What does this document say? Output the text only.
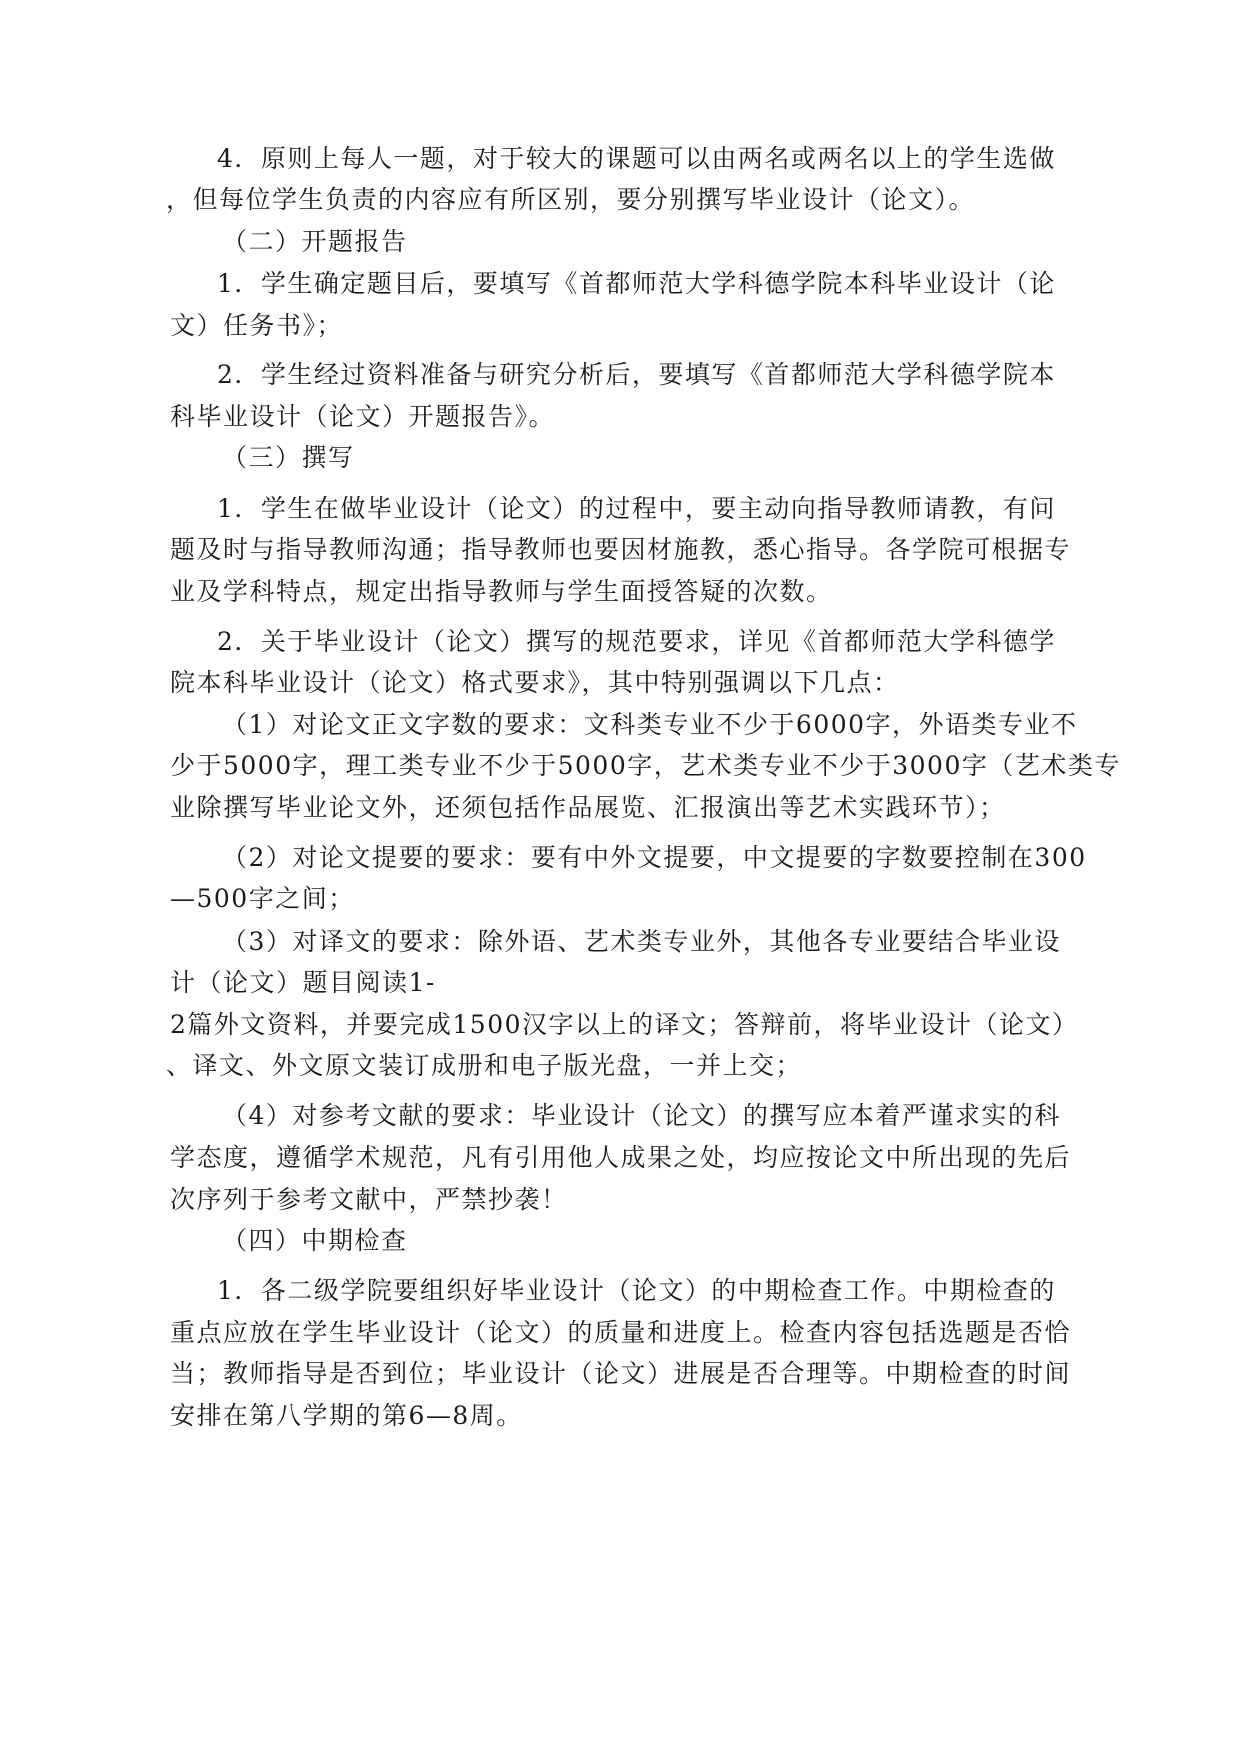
4．原则上每人一题，对于较大的课题可以由两名或两名以上的学生选做
，但每位学生负责的内容应有所区别，要分别撰写毕业设计（论文）。
（二）开题报告
1．学生确定题目后，要填写《首都师范大学科德学院本科毕业设计（论
文）任务书》；
2．学生经过资料准备与研究分析后，要填写《首都师范大学科德学院本
科毕业设计（论文）开题报告》。
（三）撰写
1．学生在做毕业设计（论文）的过程中，要主动向指导教师请教，有问
题及时与指导教师沟通；指导教师也要因材施教，悉心指导。各学院可根据专
业及学科特点，规定出指导教师与学生面授答疑的次数。
2．关于毕业设计（论文）撰写的规范要求，详见《首都师范大学科德学
院本科毕业设计（论文）格式要求》，其中特别强调以下几点：
（1）对论文正文字数的要求：文科类专业不少于6000字，外语类专业不
少于5000字，理工类专业不少于5000字，艺术类专业不少于3000字（艺术类专
业除撰写毕业论文外，还须包括作品展览、汇报演出等艺术实践环节）；
（2）对论文提要的要求：要有中外文提要，中文提要的字数要控制在300
—500字之间；
（3）对译文的要求：除外语、艺术类专业外，其他各专业要结合毕业设
计（论文）题目阅读1-
2篇外文资料，并要完成1500汉字以上的译文；答辩前，将毕业设计（论文）
、译文、外文原文装订成册和电子版光盘，一并上交；
（4）对参考文献的要求：毕业设计（论文）的撰写应本着严谨求实的科
学态度，遵循学术规范，凡有引用他人成果之处，均应按论文中所出现的先后
次序列于参考文献中，严禁抄袭！
（四）中期检查
1．各二级学院要组织好毕业设计（论文）的中期检查工作。中期检查的
重点应放在学生毕业设计（论文）的质量和进度上。检查内容包括选题是否恰
当；教师指导是否到位；毕业设计（论文）进展是否合理等。中期检查的时间
安排在第八学期的第6—8周。
